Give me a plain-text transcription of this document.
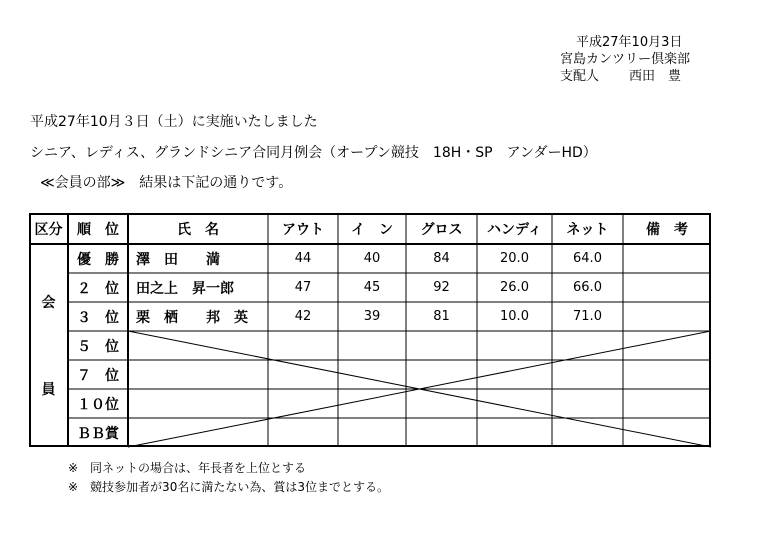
平成27年10月3日
宮島カンツリー倶楽部
支配人 西田　豊
平成27年10月３日（土）に実施いたしました
シニア、レディス、グランドシニア合同月例会（オープン競技　18H・SP　アンダーHD）
≪会員の部≫　結果は下記の通りです。
区分	順　位	氏　名	アウト	イ　ン	グロス	ハンディ	ネット	備　考
会
員
優　勝	澤　田　　満	44	40	84	20.0	64.0
２　位	田之上　昇一郎	47	45	92	26.0	66.0
３　位	栗　栖　　邦　英	42	39	81	10.0	71.0
５　位
７　位
１０位
ＢＢ賞
※　同ネットの場合は、年長者を上位とする
※　競技参加者が30名に満たない為、賞は3位までとする。
